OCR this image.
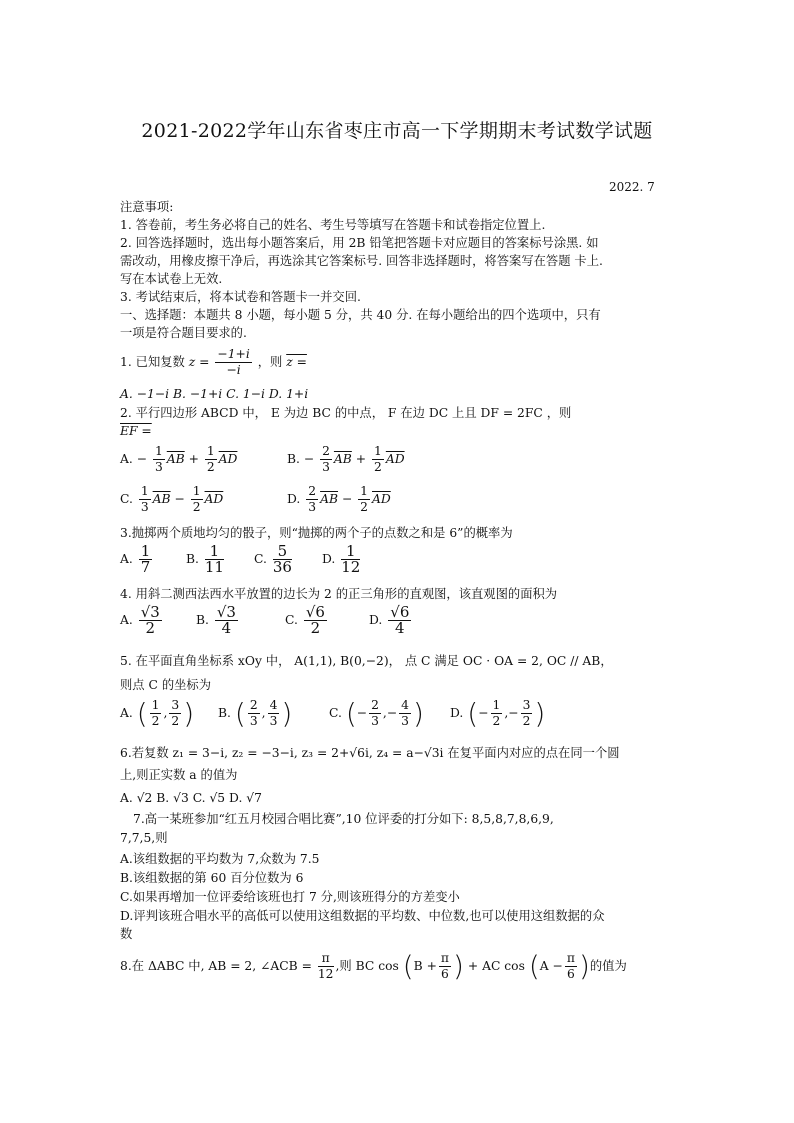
2021-2022学年山东省枣庄市高一下学期期末考试数学试题
2022. 7
注意事项:
1. 答卷前，考生务必将自己的姓名、考生号等填写在答题卡和试卷指定位置上.
2. 回答选择题时，选出每小题答案后，用 2B 铅笔把答题卡对应题目的答案标号涂黑. 如
需改动，用橡皮擦干净后，再选涂其它答案标号. 回答非选择题时，将答案写在答题 卡上.
写在本试卷上无效.
3. 考试结束后，将本试卷和答题卡一并交回.
一、选择题：本题共 8 小题，每小题 5 分，共 40 分. 在每小题给出的四个选项中，只有
一项是符合题目要求的.
1. 已知复数 $z = \frac{-1+i}{-i}$ ，则 z =
A. −1−i B. −1+i C. 1−i D. 1+i
2. 平行四边形 ABCD 中， E 为边 BC 的中点， F 在边 DC 上且 DF = 2FC ，则
EF =
A. − $\frac{1}{3} \overline{AB} + \frac{1}{2} \overline{AD}$	B. − $\frac{2}{3} \overline{AB} + \frac{1}{2} \overline{AD}$
C. $\frac{1}{3} \overline{AB} - \frac{1}{2} \overline{AD}$	D. $\frac{2}{3} \overline{AB} - \frac{1}{2} \overline{AD}$
3.抛掷两个质地均匀的骰子，则“抛掷的两个子的点数之和是 6”的概率为
A. $\frac{1}{7}$	B. $\frac{1}{11} C$. $\frac{5}{36} D$. $\frac{1}{12}$
4. 用斜二测西法西水平放置的边长为 2 的正三角形的直观图，该直观图的面积为
A. $\frac{√3}{2}$	B. $\frac{√3}{4}$	C. $\frac{√6}{2}$	D. $\frac{√6}{4}$
5. 在平面直角坐标系 xOy 中， A(1,1), B(0,−2)， 点 C 满足 OC · OA = 2, OC // AB，
则点 C 的坐标为
A. ( $\frac{1}{2}$ , $\frac{3}{2}$ ) B. ( $\frac{2}{3}$ , $\frac{4}{3}$ )	C. (− $\frac{2}{3}$ ,− $\frac{4}{3}$ ) D. (− $\frac{1}{2}$ ,− $\frac{3}{2}$ )
6.若复数 z₁ = 3−i, z₂ = −3−i, z₃ = 2+√6i, z₄ = a−√3i 在复平面内对应的点在同一个圆
上,则正实数 a 的值为
A. √2 B. √3 C. √5 D. √7
7.高一某班参加“红五月校园合唱比赛”,10 位评委的打分如下: 8,5,8,7,8,6,9,
7,7,5,则
A.该组数据的平均数为 7,众数为 7.5
B.该组数据的第 60 百分位数为 6
C.如果再增加一位评委给该班也打 7 分,则该班得分的方差变小
D.评判该班合唱水平的高低可以使用这组数据的平均数、中位数,也可以使用这组数据的众
数
8.在 ΔABC 中, AB = 2, ∠ACB = $\frac{\pi}{12}$ ,则 BC $\cos (B + \frac{\pi}{6}$ ) + AC $\cos (A - \frac{\pi}{6}$ )的值为
